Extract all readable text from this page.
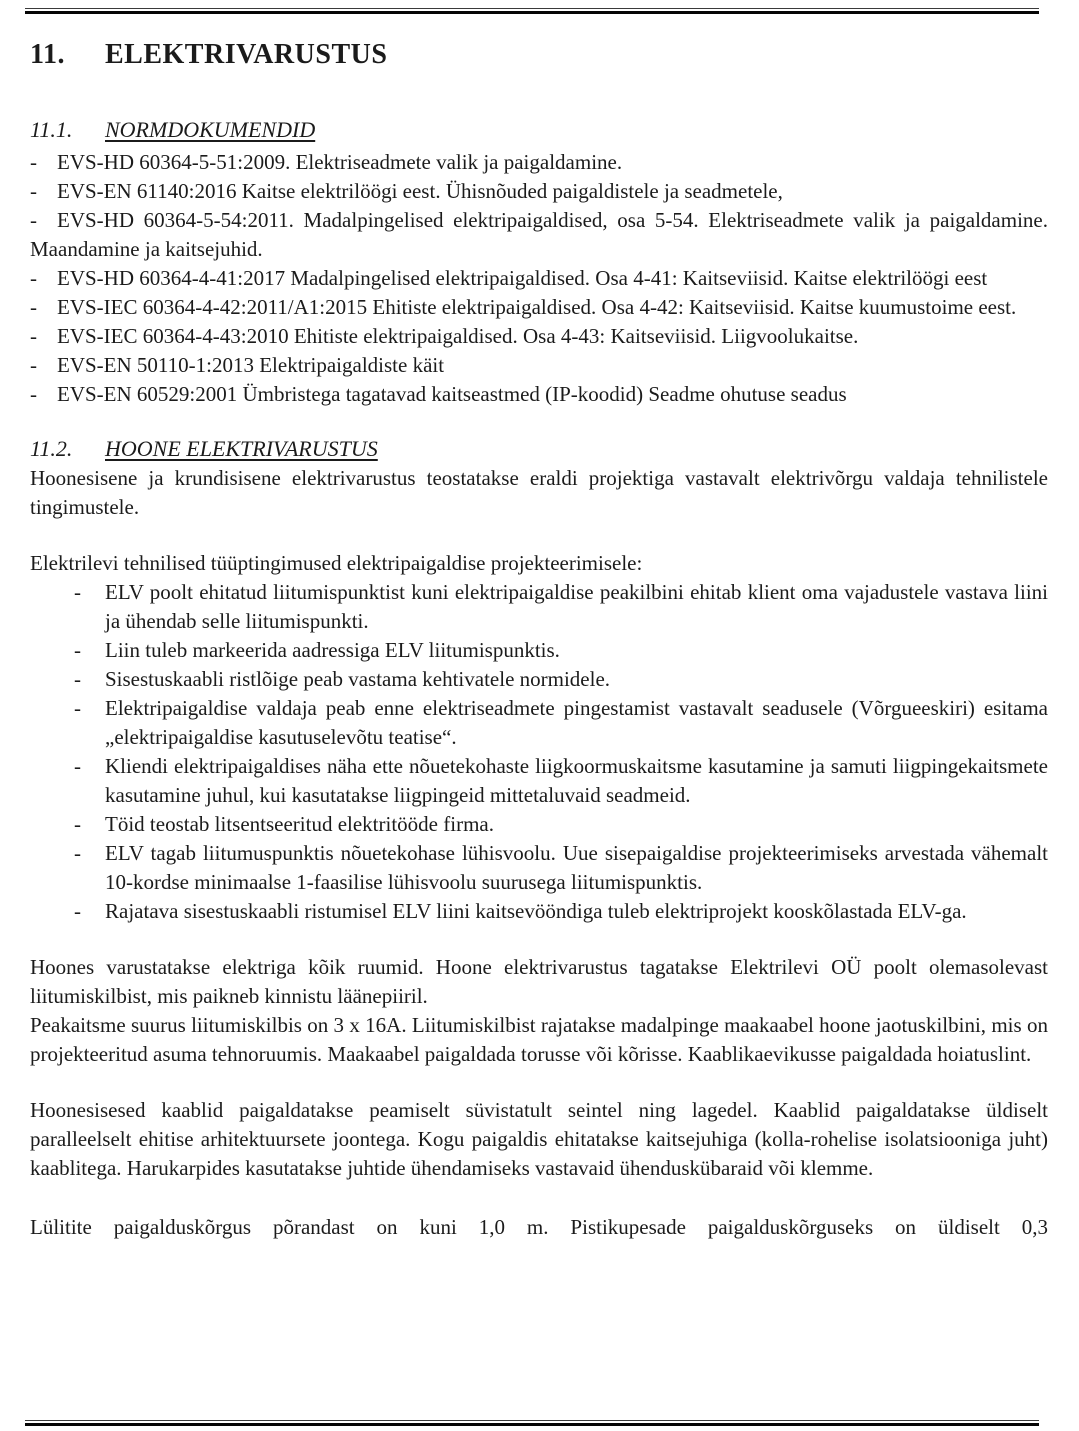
11. ELEKTRIVARUSTUS
11.1. NORMDOKUMENDID

- EVS-HD 60364-5-51:2009. Elektriseadmete valik ja paigaldamine.

- EVS-EN 61140:2016 Kaitse elektrilöögi eest. Ühisnõuded paigaldistele ja seadmetele,

- EVS-HD 60364-5-54:2011. Madalpingelised elektripaigaldised, osa 5-54. Elektriseadmete valik ja paigaldamine. Maandamine ja kaitsejuhid.

- EVS-HD 60364-4-41:2017 Madalpingelised elektripaigaldised. Osa 4-41: Kaitseviisid. Kaitse elektrilöögi eest

- EVS-IEC 60364-4-42:2011/A1:2015 Ehitiste elektripaigaldised. Osa 4-42: Kaitseviisid. Kaitse kuumustoime eest.

- EVS-IEC 60364-4-43:2010 Ehitiste elektripaigaldised. Osa 4-43: Kaitseviisid. Liigvoolukaitse.

- EVS-EN 50110-1:2013 Elektripaigaldiste käit

- EVS-EN 60529:2001 Ümbristega tagatavad kaitseastmed (IP-koodid) Seadme ohutuse seadus

11.2. HOONE ELEKTRIVARUSTUS

Hoonesisene ja krundisisene elektrivarustus teostatakse eraldi projektiga vastavalt elektrivõrgu valdaja tehnilistele tingimustele.

Elektrilevi tehnilised tüüptingimused elektripaigaldise projekteerimisele:

- ELV poolt ehitatud liitumispunktist kuni elektripaigaldise peakilbini ehitab klient oma vajadustele vastava liini ja ühendab selle liitumispunkti.

- Liin tuleb markeerida aadressiga ELV liitumispunktis.

- Sisestuskaabli ristlõige peab vastama kehtivatele normidele.

- Elektripaigaldise valdaja peab enne elektriseadmete pingestamist vastavalt seadusele (Võrgueeskiri) esitama „elektripaigaldise kasutuselevõtu teatise“.

- Kliendi elektripaigaldises näha ette nõuetekohaste liigkoormuskaitsme kasutamine ja samuti liigpingekaitsmete kasutamine juhul, kui kasutatakse liigpingeid mittetaluvaid seadmeid.

- Töid teostab litsentseeritud elektritööde firma.

- ELV tagab liitumuspunktis nõuetekohase lühisvoolu. Uue sisepaigaldise projekteerimiseks arvestada vähemalt 10-kordse minimaalse 1-faasilise lühisvoolu suurusega liitumispunktis.

- Rajatava sisestuskaabli ristumisel ELV liini kaitsevööndiga tuleb elektriprojekt kooskõlastada ELV-ga.

Hoones varustatakse elektriga kõik ruumid. Hoone elektrivarustus tagatakse Elektrilevi OÜ poolt olemasolevast liitumiskilbist, mis paikneb kinnistu läänepiiril.

Peakaitsme suurus liitumiskilbis on 3 x 16A. Liitumiskilbist rajatakse madalpinge maakaabel hoone jaotuskilbini, mis on projekteeritud asuma tehnoruumis. Maakaabel paigaldada torusse või kõrisse. Kaablikaevikusse paigaldada hoiatuslint.

Hoonesisesed kaablid paigaldatakse peamiselt süvistatult seintel ning lagedel. Kaablid paigaldatakse üldiselt paralleelselt ehitise arhitektuursete joontega. Kogu paigaldis ehitatakse kaitsejuhiga (kolla-rohelise isolatsiooniga juht) kaablitega. Harukarpides kasutatakse juhtide ühendamiseks vastavaid ühenduskübaraid või klemme.

Lülitite paigalduskõrgus põrandast on kuni 1,0 m. Pistikupesade paigalduskõrguseks on üldiselt 0,3
